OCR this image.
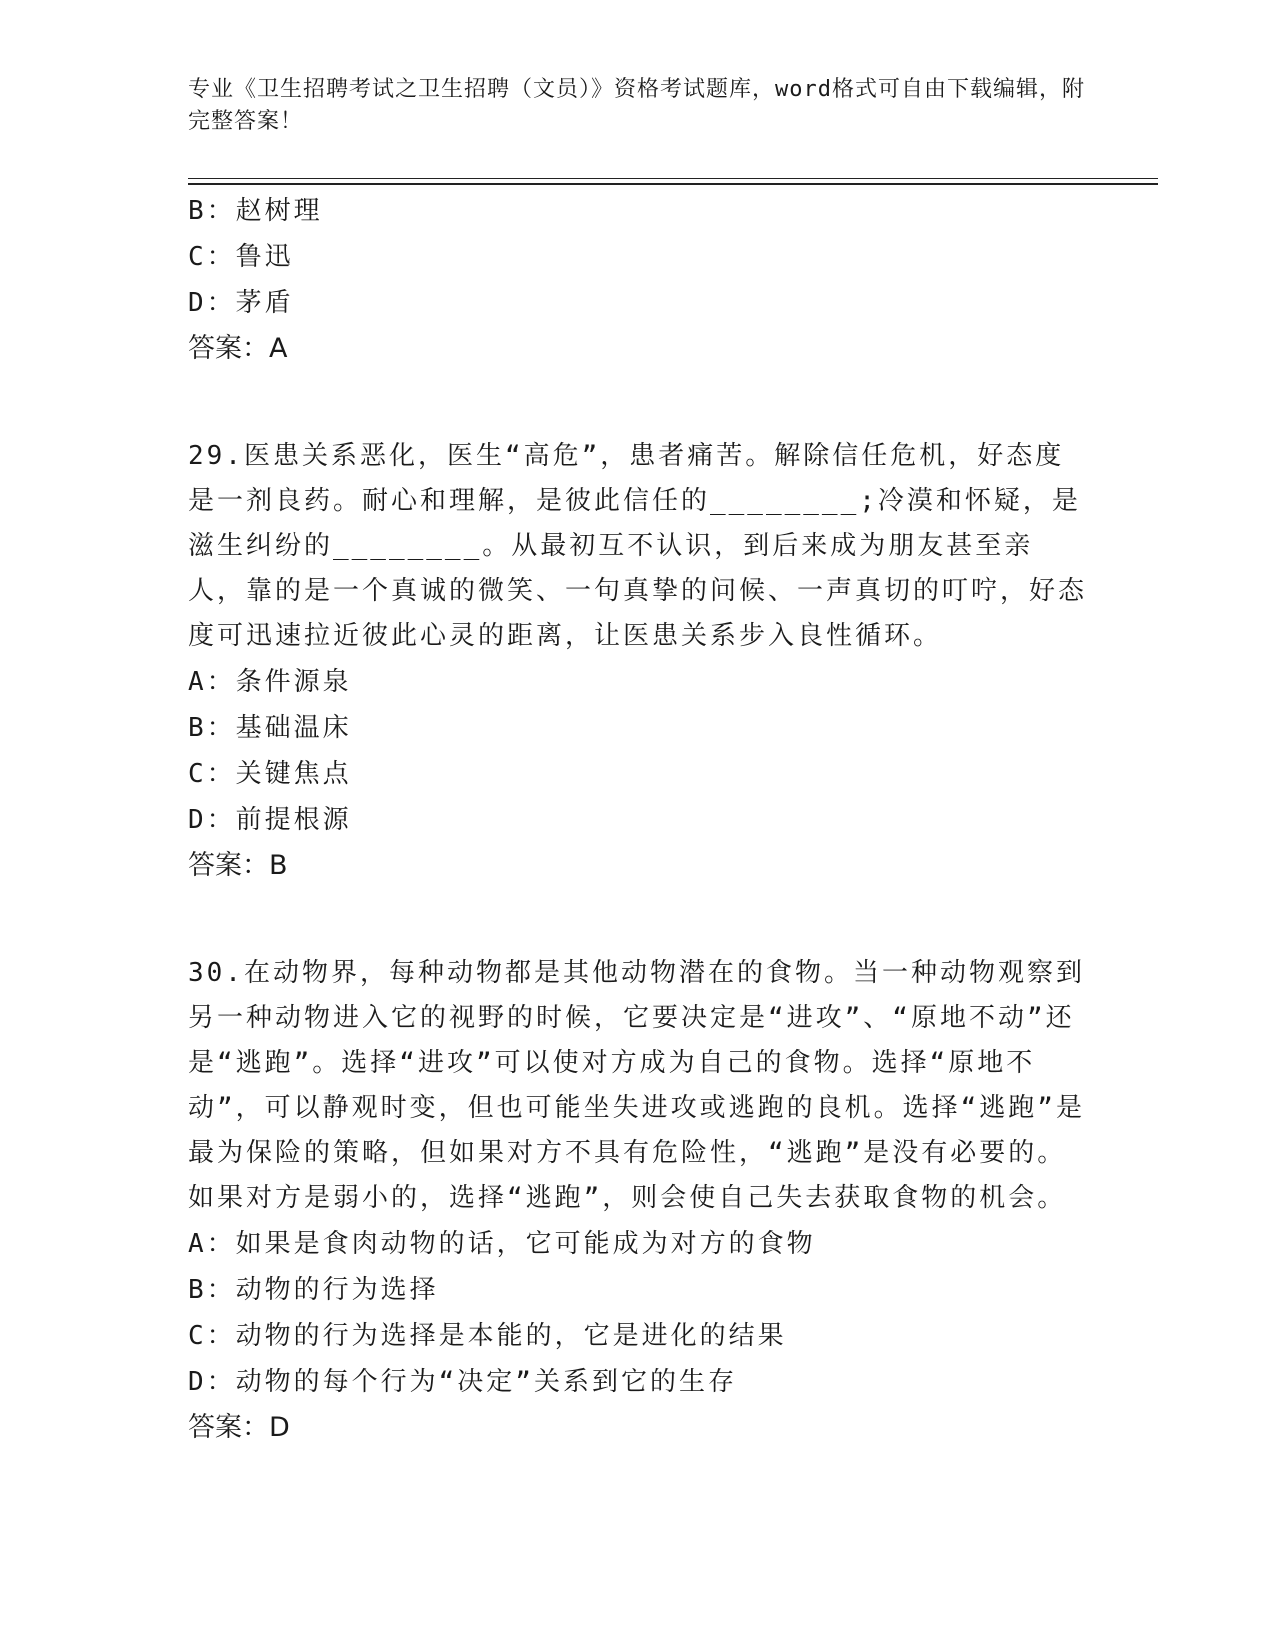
专业《卫生招聘考试之卫生招聘（文员）》资格考试题库，word格式可自由下载编辑，附完整答案！
B：赵树理
C：鲁迅
D：茅盾
答案：A
29.医患关系恶化，医生“高危”，患者痛苦。解除信任危机，好态度是一剂良药。耐心和理解，是彼此信任的________;冷漠和怀疑，是滋生纠纷的________。从最初互不认识，到后来成为朋友甚至亲人，靠的是一个真诚的微笑、一句真挚的问候、一声真切的叮咛，好态度可迅速拉近彼此心灵的距离，让医患关系步入良性循环。
A：条件源泉
B：基础温床
C：关键焦点
D：前提根源
答案：B
30.在动物界，每种动物都是其他动物潜在的食物。当一种动物观察到另一种动物进入它的视野的时候，它要决定是“进攻”、“原地不动”还是“逃跑”。选择“进攻”可以使对方成为自己的食物。选择“原地不动”，可以静观时变，但也可能坐失进攻或逃跑的良机。选择“逃跑”是最为保险的策略，但如果对方不具有危险性，“逃跑”是没有必要的。如果对方是弱小的，选择“逃跑”，则会使自己失去获取食物的机会。
A：如果是食肉动物的话，它可能成为对方的食物
B：动物的行为选择
C：动物的行为选择是本能的，它是进化的结果
D：动物的每个行为“决定”关系到它的生存
答案：D
